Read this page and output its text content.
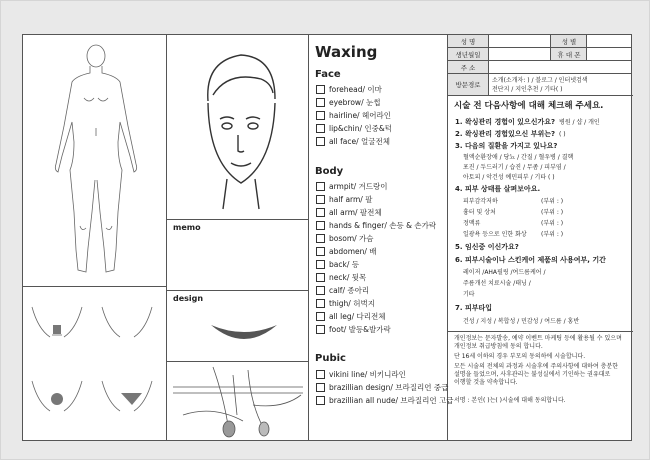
memo
design
Waxing
Face
forehead/ 이마
eyebrow/ 눈썹
hairline/ 헤어라인
lip&chin/ 인중&턱
all face/ 얼굴전체
Body
armpit/ 겨드랑이
half arm/ 팔
all arm/ 팔전체
hands & finger/ 손등 & 손가락
bosom/ 가슴
abdomen/ 배
back/ 등
neck/ 뒷목
calf/ 종아리
thigh/ 허벅지
all leg/ 다리전체
foot/ 발등&발가락
Pubic
vikini line/ 비키니라인
brazillian design/ 브라질리언 중급
brazillian all nude/ 브라질리언 고급
성 명	성 별
생년월일	휴 대 폰
주 소
방문경로
소개(소개자: ) / 블로그 / 인터넷검색
전단지 / 지인추천 / 기타( )
시술 전 다음사항에 대해 체크해 주세요.
1. 왁싱관리 경험이 있으신가요? 병원 / 샵 / 개인
2. 왁싱관리 경험있으신 부위는? ( )
3. 다음의 질환을 가지고 있나요?
혈액순환장애 / 당뇨 / 간질 / 혈우병 / 결핵
포진 / 두드러기 / 습진 / 무좀 / 피부염 /
아토피 / 악건성 예민피부 / 기타 ( )
4. 피부 상태를 살펴보아요.
피부감각저하	(부위 : )
흉터 및 상처	(부위 : )
정맥류	(부위 : )
일광욕 등으로 인한 화상 (부위 : )
5. 임신중 이신가요?
6. 피부시술이나 스킨케어 제품의 사용여부, 기간
레이저 /AHA필링 /여드름케어 /
주름개선 치료시술 /태닝 /
기타
7. 피부타입
건성 / 지성 / 복합성 / 민감성 / 여드름 / 홍반
개인정보는 문자발송, 예약 이벤트 마케팅 등에 활용될 수 있으며
개인정보 취급방침에 동의 합니다.
단 16세 이하의 경우 부모의 동의하에 시술합니다.
모든 시술의 전체의 과정과 시술후에 주의사항에 대하여 충분한
설명을 들었으며, 사후관리는 불성실에서 기인하는 권유대로
이행할 것을 약속합니다.
서명 : 본인( )는( )시술에 대해 동의합니다.
